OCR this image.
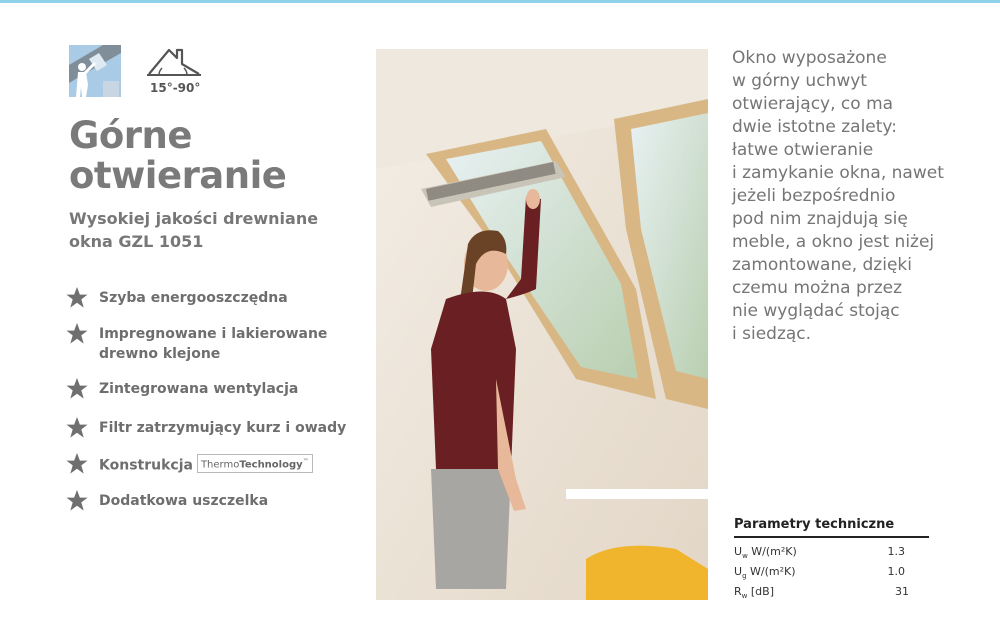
15°-90°
Górne
otwieranie
Wysokiej jakości drewniane
okna GZL 1051
Szyba energooszczędna
Impregnowane i lakierowane
drewno klejone
Zintegrowana wentylacja
Filtr zatrzymujący kurz i owady
Konstrukcja ThermoTechnology™
Dodatkowa uszczelka
Okno wyposażone
w górny uchwyt
otwierający, co ma
dwie istotne zalety:
łatwe otwieranie
i zamykanie okna, nawet
jeżeli bezpośrednio
pod nim znajdują się
meble, a okno jest niżej
zamontowane, dzięki
czemu można przez
nie wyglądać stojąc
i siedząc.
Parametry techniczne
$U_w$ W/(m²K)	1.3
$U_g$ W/(m²K)	1.0
$R_w$ [dB]	31
